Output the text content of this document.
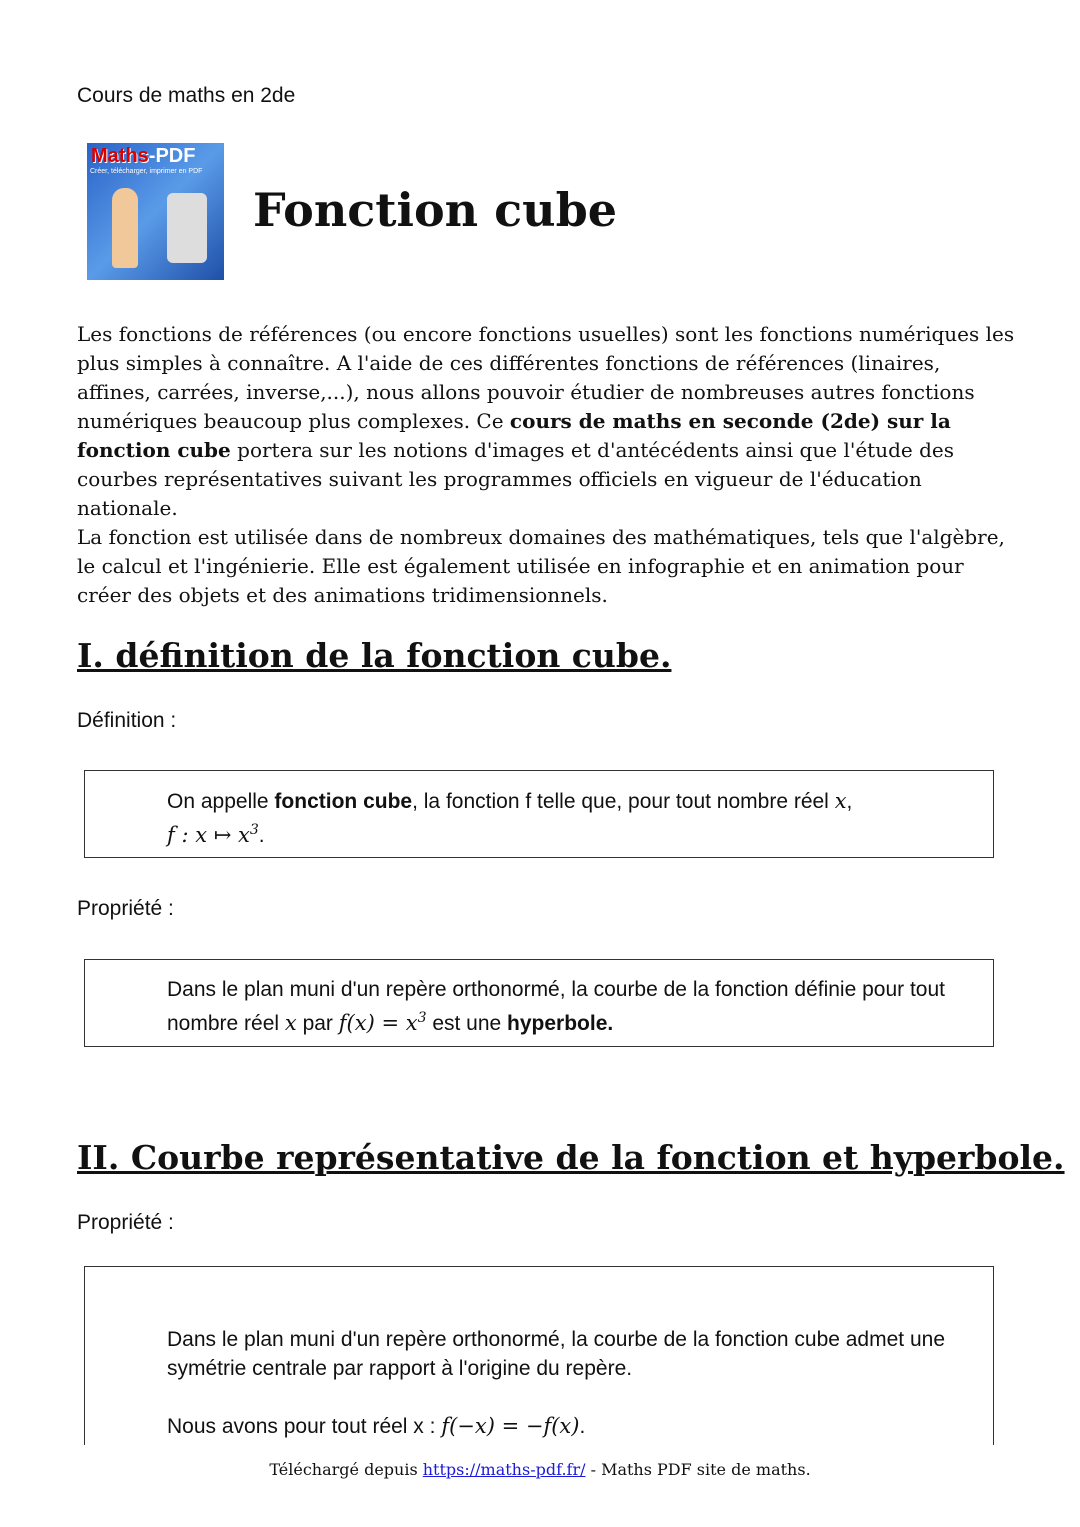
Cours de maths en 2de
Maths-PDF
Créer, télécharger, imprimer en PDF
Fonction cube

Les fonctions de références (ou encore fonctions usuelles) sont les fonctions numériques les plus simples à connaître. A l'aide de ces différentes fonctions de références (linaires, affines, carrées, inverse,...), nous allons pouvoir étudier de nombreuses autres fonctions numériques beaucoup plus complexes. Ce cours de maths en seconde (2de) sur la fonction cube portera sur les notions d'images et d'antécédents ainsi que l'étude des courbes représentatives suivant les programmes officiels en vigueur de l'éducation nationale.

La fonction est utilisée dans de nombreux domaines des mathématiques, tels que l'algèbre, le calcul et l'ingénierie. Elle est également utilisée en infographie et en animation pour créer des objets et des animations tridimensionnels.

I. définition de la fonction cube.
Définition :

On appelle fonction cube, la fonction f telle que, pour tout nombre réel x,

f : x ↦ $x^3$.

Propriété :

Dans le plan muni d'un repère orthonormé, la courbe de la fonction définie pour tout nombre réel x par $f(x) = x^3$ est une hyperbole.

II. Courbe représentative de la fonction et hyperbole.
Propriété :

Dans le plan muni d'un repère orthonormé, la courbe de la fonction cube admet une symétrie centrale par rapport à l'origine du repère.

Nous avons pour tout réel x : f(−x) = −f(x).

Téléchargé depuis https://maths-pdf.fr/ - Maths PDF site de maths.
